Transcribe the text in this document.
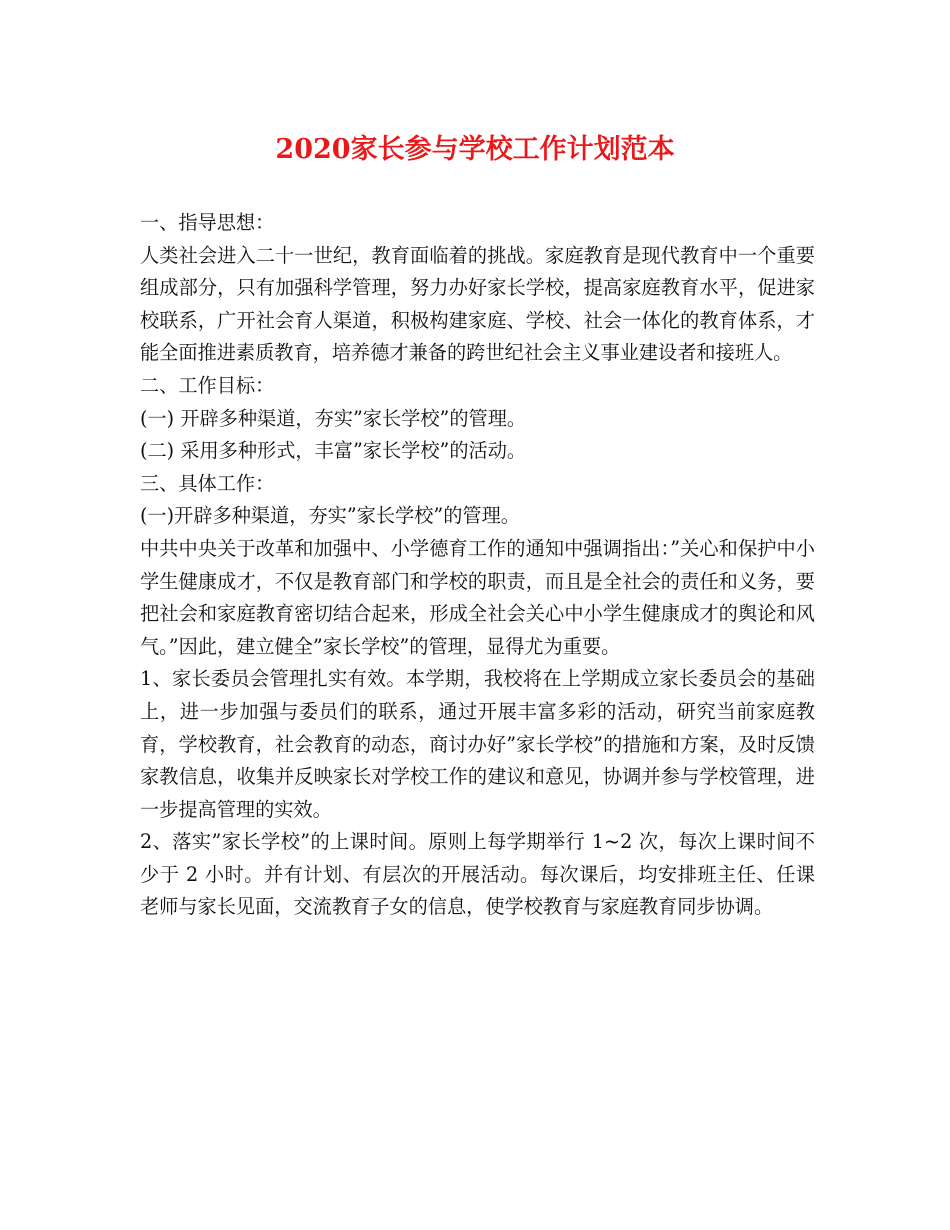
2020家长参与学校工作计划范本

一、指导思想：

人类社会进入二十一世纪，教育面临着的挑战。家庭教育是现代教育中一个重要组成部分，只有加强科学管理，努力办好家长学校，提高家庭教育水平，促进家校联系，广开社会育人渠道，积极构建家庭、学校、社会一体化的教育体系，才能全面推进素质教育，培养德才兼备的跨世纪社会主义事业建设者和接班人。

二、工作目标：

(一) 开辟多种渠道，夯实”家长学校”的管理。

(二) 采用多种形式，丰富”家长学校”的活动。

三、具体工作：

(一)开辟多种渠道，夯实”家长学校”的管理。

中共中央关于改革和加强中、小学德育工作的通知中强调指出：”关心和保护中小学生健康成才，不仅是教育部门和学校的职责，而且是全社会的责任和义务，要把社会和家庭教育密切结合起来，形成全社会关心中小学生健康成才的舆论和风气。”因此，建立健全”家长学校”的管理，显得尤为重要。

1、家长委员会管理扎实有效。本学期，我校将在上学期成立家长委员会的基础上，进一步加强与委员们的联系，通过开展丰富多彩的活动，研究当前家庭教育，学校教育，社会教育的动态，商讨办好”家长学校”的措施和方案，及时反馈家教信息，收集并反映家长对学校工作的建议和意见，协调并参与学校管理，进一步提高管理的实效。

2、落实”家长学校”的上课时间。原则上每学期举行 1~2 次，每次上课时间不少于 2 小时。并有计划、有层次的开展活动。每次课后，均安排班主任、任课老师与家长见面，交流教育子女的信息，使学校教育与家庭教育同步协调。
